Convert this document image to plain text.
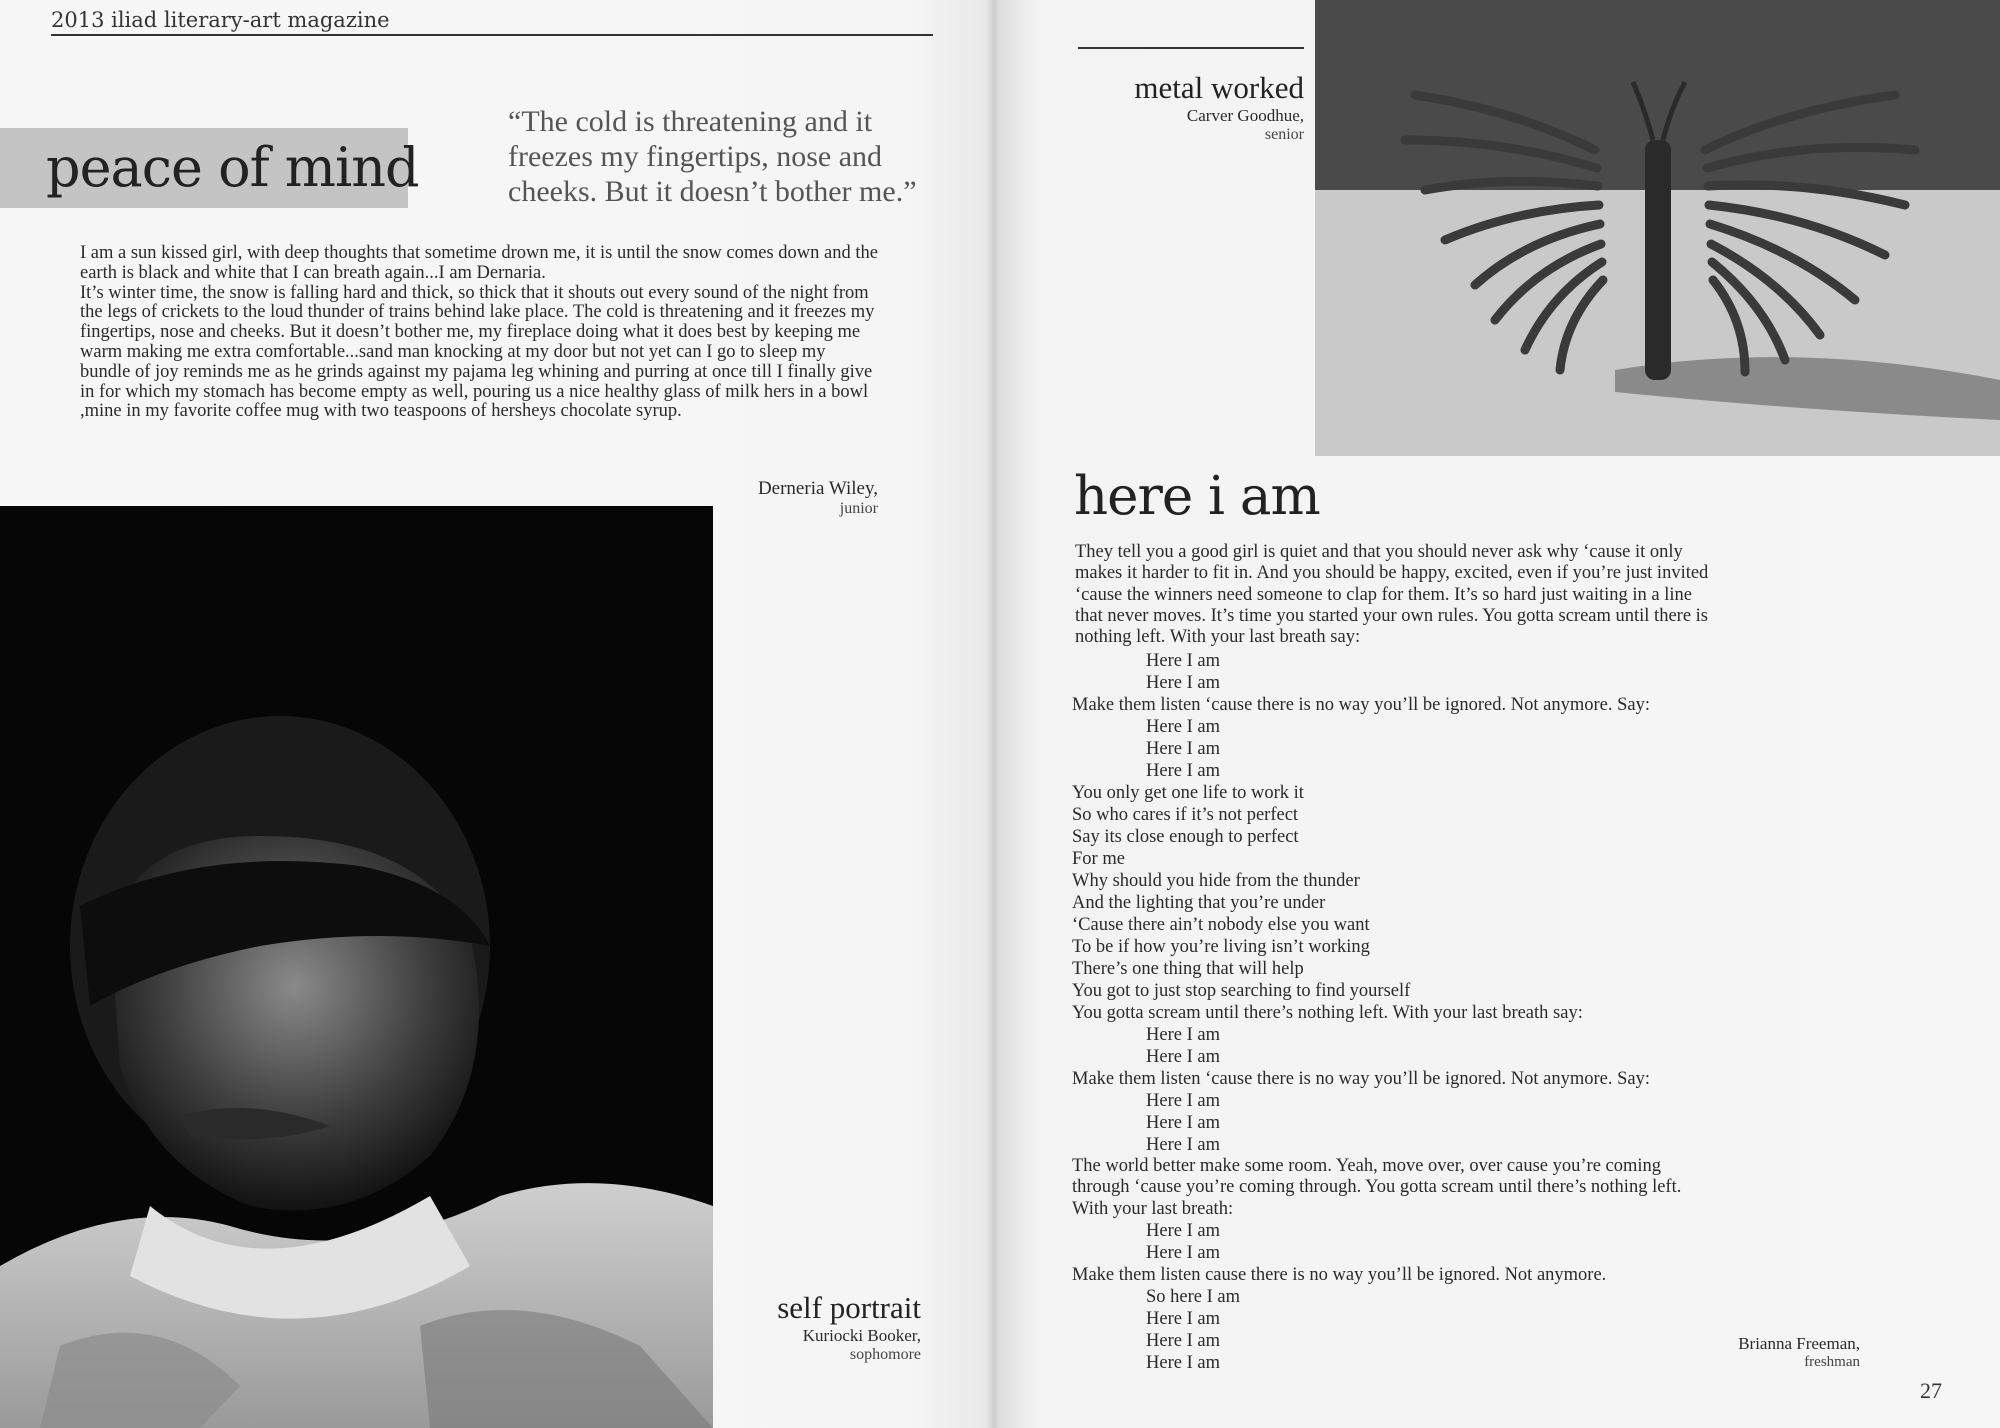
2013 iliad literary-art magazine
peace of mind
“The cold is threatening and it freezes my fingertips, nose and cheeks. But it doesn’t bother me.”

I am a sun kissed girl, with deep thoughts that sometime drown me, it is until the snow comes down and the earth is black and white that I can breath again...I am Dernaria.

It’s winter time, the snow is falling hard and thick, so thick that it shouts out every sound of the night from the legs of crickets to the loud thunder of trains behind lake place. The cold is threatening and it freezes my fingertips, nose and cheeks. But it doesn’t bother me, my fireplace doing what it does best by keeping me warm making me extra comfortable...sand man knocking at my door but not yet can I go to sleep my bundle of joy reminds me as he grinds against my pajama leg whining and purring at once till I finally give in for which my stomach has become empty as well, pouring us a nice healthy glass of milk hers in a bowl ,mine in my favorite coffee mug with two teaspoons of hersheys chocolate syrup.

Derneria Wiley,
junior
self portrait
Kuriocki Booker,
sophomore
metal worked
Carver Goodhue,
senior
here i am
They tell you a good girl is quiet and that you should never ask why ‘cause it only makes it harder to fit in. And you should be happy, excited, even if you’re just invited ‘cause the winners need someone to clap for them. It’s so hard just waiting in a line that never moves. It’s time you started your own rules. You gotta scream until there is nothing left. With your last breath say:
Here I am
Here I am
Make them listen ‘cause there is no way you’ll be ignored. Not anymore. Say:
Here I am
Here I am
Here I am
You only get one life to work it
So who cares if it’s not perfect
Say its close enough to perfect
For me
Why should you hide from the thunder
And the lighting that you’re under
‘Cause there ain’t nobody else you want
To be if how you’re living isn’t working
There’s one thing that will help
You got to just stop searching to find yourself
You gotta scream until there’s nothing left. With your last breath say:
Here I am
Here I am
Make them listen ‘cause there is no way you’ll be ignored. Not anymore. Say:
Here I am
Here I am
Here I am
The world better make some room. Yeah, move over, over cause you’re coming through ‘cause you’re coming through. You gotta scream until there’s nothing left. With your last breath:
Here I am
Here I am
Make them listen cause there is no way you’ll be ignored. Not anymore.
So here I am
Here I am
Here I am
Here I am
Brianna Freeman,
freshman
27
